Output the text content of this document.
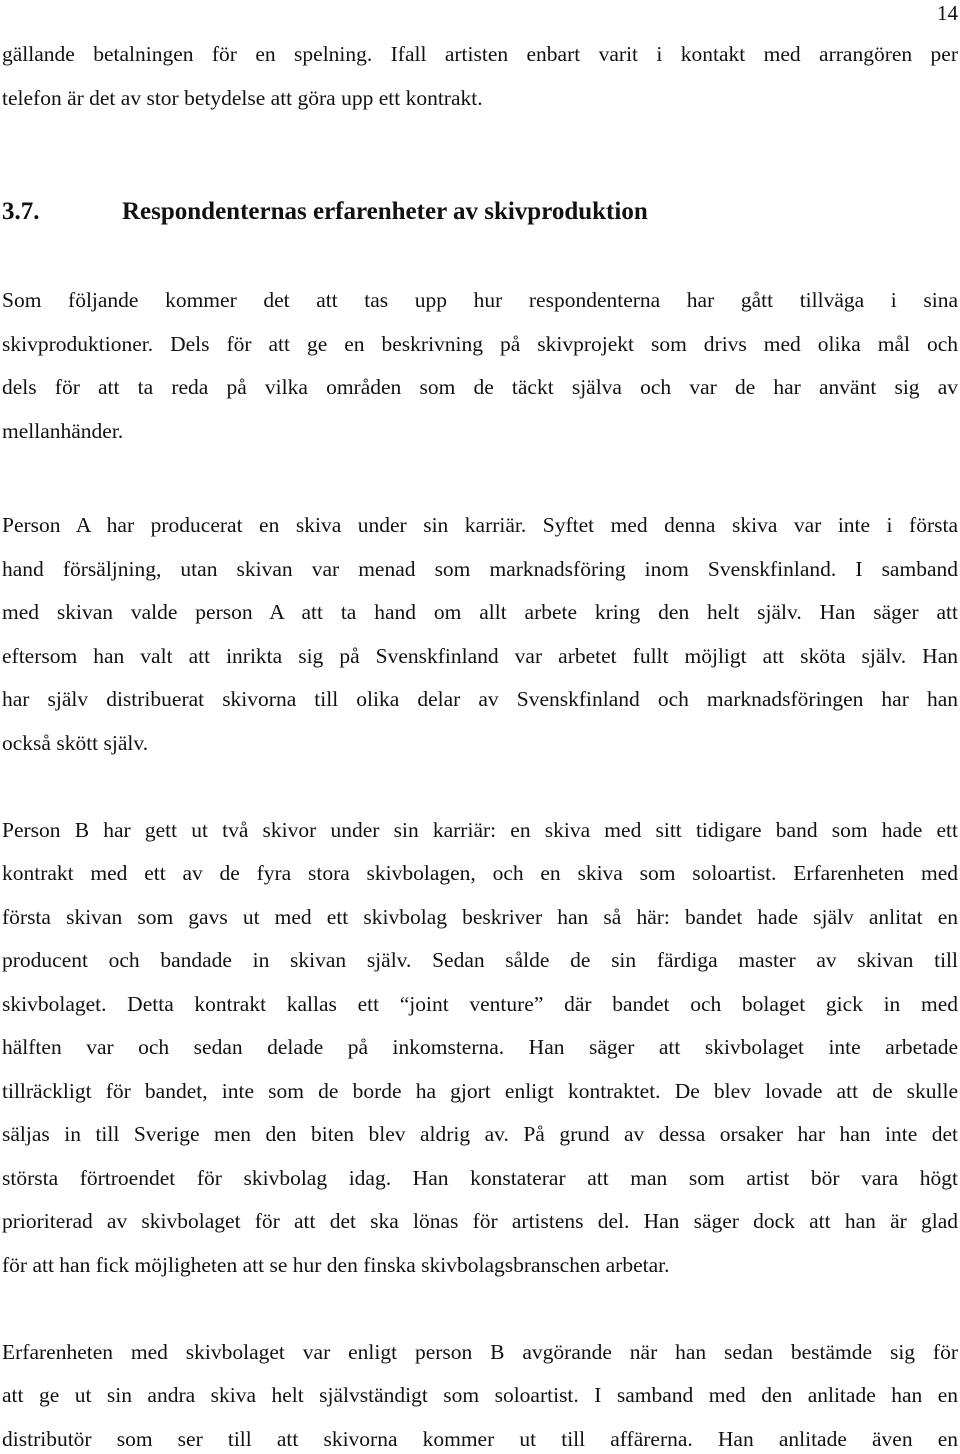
14
gällande betalningen för en spelning. Ifall artisten enbart varit i kontakt med arrangören per
telefon är det av stor betydelse att göra upp ett kontrakt.
3.7.	Respondenternas erfarenheter av skivproduktion
Som följande kommer det att tas upp hur respondenterna har gått tillväga i sina
skivproduktioner. Dels för att ge en beskrivning på skivprojekt som drivs med olika mål och
dels för att ta reda på vilka områden som de täckt själva och var de har använt sig av
mellanhänder.
Person A har producerat en skiva under sin karriär. Syftet med denna skiva var inte i första
hand försäljning, utan skivan var menad som marknadsföring inom Svenskfinland. I samband
med skivan valde person A att ta hand om allt arbete kring den helt själv. Han säger att
eftersom han valt att inrikta sig på Svenskfinland var arbetet fullt möjligt att sköta själv. Han
har själv distribuerat skivorna till olika delar av Svenskfinland och marknadsföringen har han
också skött själv.
Person B har gett ut två skivor under sin karriär: en skiva med sitt tidigare band som hade ett
kontrakt med ett av de fyra stora skivbolagen, och en skiva som soloartist. Erfarenheten med
första skivan som gavs ut med ett skivbolag beskriver han så här: bandet hade själv anlitat en
producent och bandade in skivan själv. Sedan sålde de sin färdiga master av skivan till
skivbolaget. Detta kontrakt kallas ett “joint venture” där bandet och bolaget gick in med
hälften var och sedan delade på inkomsterna. Han säger att skivbolaget inte arbetade
tillräckligt för bandet, inte som de borde ha gjort enligt kontraktet. De blev lovade att de skulle
säljas in till Sverige men den biten blev aldrig av. På grund av dessa orsaker har han inte det
största förtroendet för skivbolag idag. Han konstaterar att man som artist bör vara högt
prioriterad av skivbolaget för att det ska lönas för artistens del. Han säger dock att han är glad
för att han fick möjligheten att se hur den finska skivbolagsbranschen arbetar.
Erfarenheten med skivbolaget var enligt person B avgörande när han sedan bestämde sig för
att ge ut sin andra skiva helt självständigt som soloartist. I samband med den anlitade han en
distributör som ser till att skivorna kommer ut till affärerna. Han anlitade även en
